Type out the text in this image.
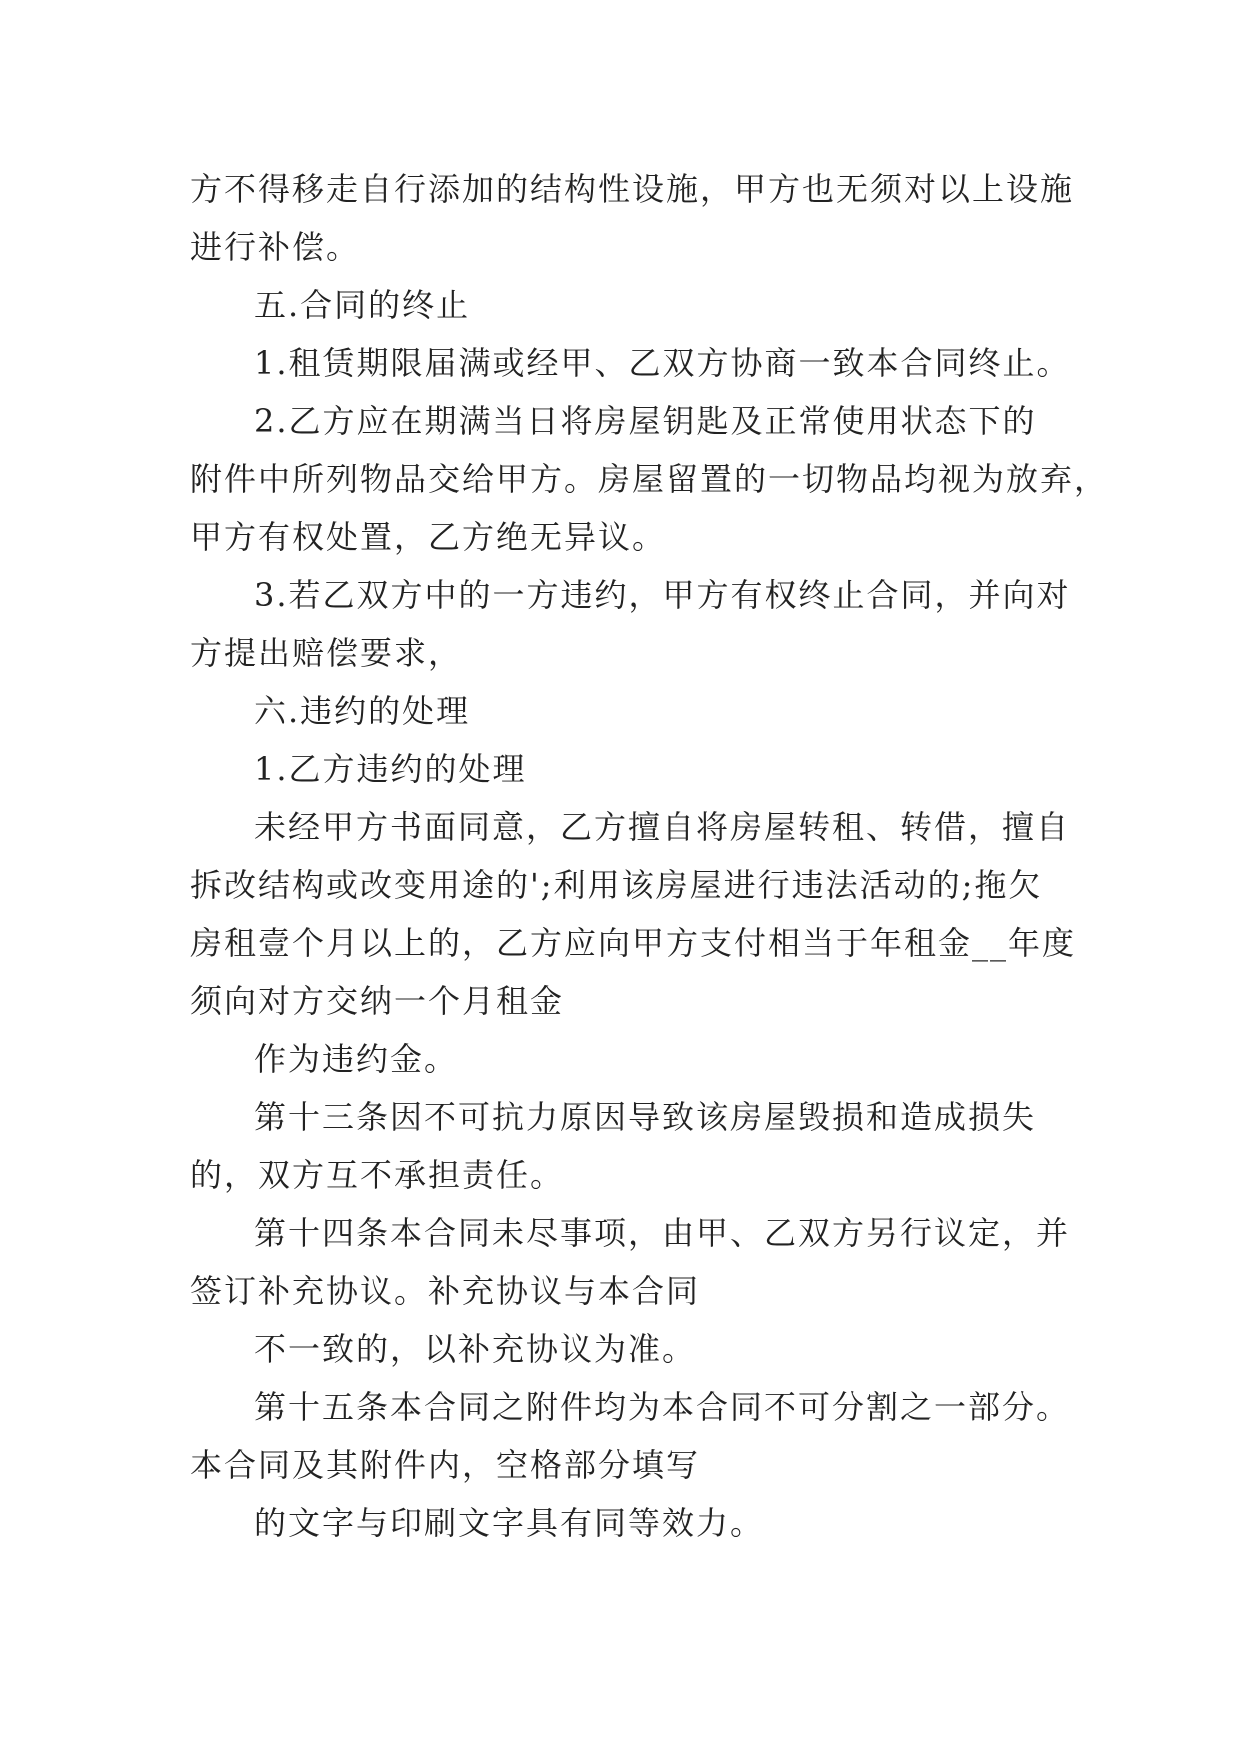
方不得移走自行添加的结构性设施，甲方也无须对以上设施
进行补偿。
五.合同的终止
1.租赁期限届满或经甲、乙双方协商一致本合同终止。
2.乙方应在期满当日将房屋钥匙及正常使用状态下的
附件中所列物品交给甲方。房屋留置的一切物品均视为放弃，
甲方有权处置，乙方绝无异议。
3.若乙双方中的一方违约，甲方有权终止合同，并向对
方提出赔偿要求，
六.违约的处理
1.乙方违约的处理
未经甲方书面同意，乙方擅自将房屋转租、转借，擅自
拆改结构或改变用途的';利用该房屋进行违法活动的;拖欠
房租壹个月以上的，乙方应向甲方支付相当于年租金__年度
须向对方交纳一个月租金
作为违约金。
第十三条因不可抗力原因导致该房屋毁损和造成损失
的，双方互不承担责任。
第十四条本合同未尽事项，由甲、乙双方另行议定，并
签订补充协议。补充协议与本合同
不一致的，以补充协议为准。
第十五条本合同之附件均为本合同不可分割之一部分。
本合同及其附件内，空格部分填写
的文字与印刷文字具有同等效力。
